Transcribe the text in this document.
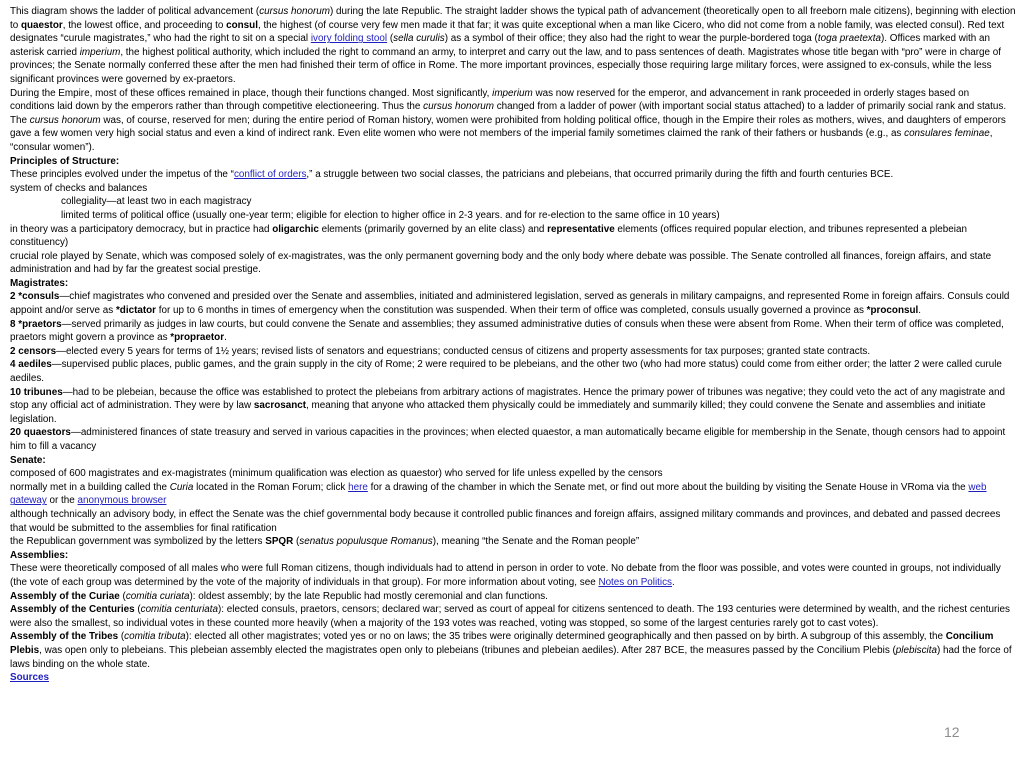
This diagram shows the ladder of political advancement (cursus honorum) during the late Republic. The straight ladder shows the typical path of advancement (theoretically open to all freeborn male citizens), beginning with election to quaestor, the lowest office, and proceeding to consul, the highest (of course very few men made it that far; it was quite exceptional when a man like Cicero, who did not come from a noble family, was elected consul). Red text designates “curule magistrates,” who had the right to sit on a special ivory folding stool (sella curulis) as a symbol of their office; they also had the right to wear the purple-bordered toga (toga praetexta). Offices marked with an asterisk carried imperium, the highest political authority, which included the right to command an army, to interpret and carry out the law, and to pass sentences of death. Magistrates whose title began with “pro” were in charge of provinces; the Senate normally conferred these after the men had finished their term of office in Rome. The more important provinces, especially those requiring large military forces, were assigned to ex-consuls, while the less significant provinces were governed by ex-praetors.

During the Empire, most of these offices remained in place, though their functions changed. Most significantly, imperium was now reserved for the emperor, and advancement in rank proceeded in orderly stages based on conditions laid down by the emperors rather than through competitive electioneering. Thus the cursus honorum changed from a ladder of power (with important social status attached) to a ladder of primarily social rank and status. The cursus honorum was, of course, reserved for men; during the entire period of Roman history, women were prohibited from holding political office, though in the Empire their roles as mothers, wives, and daughters of emperors gave a few women very high social status and even a kind of indirect rank. Even elite women who were not members of the imperial family sometimes claimed the rank of their fathers or husbands (e.g., as consulares feminae, “consular women”).

Principles of Structure:

These principles evolved under the impetus of the “conflict of orders,” a struggle between two social classes, the patricians and plebeians, that occurred primarily during the fifth and fourth centuries BCE.

system of checks and balances

collegiality—at least two in each magistracy

limited terms of political office (usually one-year term; eligible for election to higher office in 2-3 years. and for re-election to the same office in 10 years)

in theory was a participatory democracy, but in practice had oligarchic elements (primarily governed by an elite class) and representative elements (offices required popular election, and tribunes represented a plebeian constituency)

crucial role played by Senate, which was composed solely of ex-magistrates, was the only permanent governing body and the only body where debate was possible. The Senate controlled all finances, foreign affairs, and state administration and had by far the greatest social prestige.

Magistrates:

2 *consuls—chief magistrates who convened and presided over the Senate and assemblies, initiated and administered legislation, served as generals in military campaigns, and represented Rome in foreign affairs. Consuls could appoint and/or serve as *dictator for up to 6 months in times of emergency when the constitution was suspended. When their term of office was completed, consuls usually governed a province as *proconsul.

8 *praetors—served primarily as judges in law courts, but could convene the Senate and assemblies; they assumed administrative duties of consuls when these were absent from Rome. When their term of office was completed, praetors might govern a province as *propraetor.

2 censors—elected every 5 years for terms of 1½ years; revised lists of senators and equestrians; conducted census of citizens and property assessments for tax purposes; granted state contracts.

4 aediles—supervised public places, public games, and the grain supply in the city of Rome; 2 were required to be plebeians, and the other two (who had more status) could come from either order; the latter 2 were called curule aediles.

10 tribunes—had to be plebeian, because the office was established to protect the plebeians from arbitrary actions of magistrates. Hence the primary power of tribunes was negative; they could veto the act of any magistrate and stop any official act of administration. They were by law sacrosanct, meaning that anyone who attacked them physically could be immediately and summarily killed; they could convene the Senate and assemblies and initiate legislation.

20 quaestors—administered finances of state treasury and served in various capacities in the provinces; when elected quaestor, a man automatically became eligible for membership in the Senate, though censors had to appoint him to fill a vacancy

Senate:

composed of 600 magistrates and ex-magistrates (minimum qualification was election as quaestor) who served for life unless expelled by the censors

normally met in a building called the Curia located in the Roman Forum; click here for a drawing of the chamber in which the Senate met, or find out more about the building by visiting the Senate House in VRoma via the web gateway or the anonymous browser

although technically an advisory body, in effect the Senate was the chief governmental body because it controlled public finances and foreign affairs, assigned military commands and provinces, and debated and passed decrees that would be submitted to the assemblies for final ratification

the Republican government was symbolized by the letters SPQR (senatus populusque Romanus), meaning “the Senate and the Roman people”

Assemblies:

These were theoretically composed of all males who were full Roman citizens, though individuals had to attend in person in order to vote. No debate from the floor was possible, and votes were counted in groups, not individually (the vote of each group was determined by the vote of the majority of individuals in that group). For more information about voting, see Notes on Politics.

Assembly of the Curiae (comitia curiata): oldest assembly; by the late Republic had mostly ceremonial and clan functions.

Assembly of the Centuries (comitia centuriata): elected consuls, praetors, censors; declared war; served as court of appeal for citizens sentenced to death. The 193 centuries were determined by wealth, and the richest centuries were also the smallest, so individual votes in these counted more heavily (when a majority of the 193 votes was reached, voting was stopped, so some of the largest centuries rarely got to cast votes).

Assembly of the Tribes (comitia tributa): elected all other magistrates; voted yes or no on laws; the 35 tribes were originally determined geographically and then passed on by birth. A subgroup of this assembly, the Concilium Plebis, was open only to plebeians. This plebeian assembly elected the magistrates open only to plebeians (tribunes and plebeian aediles). After 287 BCE, the measures passed by the Concilium Plebis (plebiscita) had the force of laws binding on the whole state.

Sources

12
